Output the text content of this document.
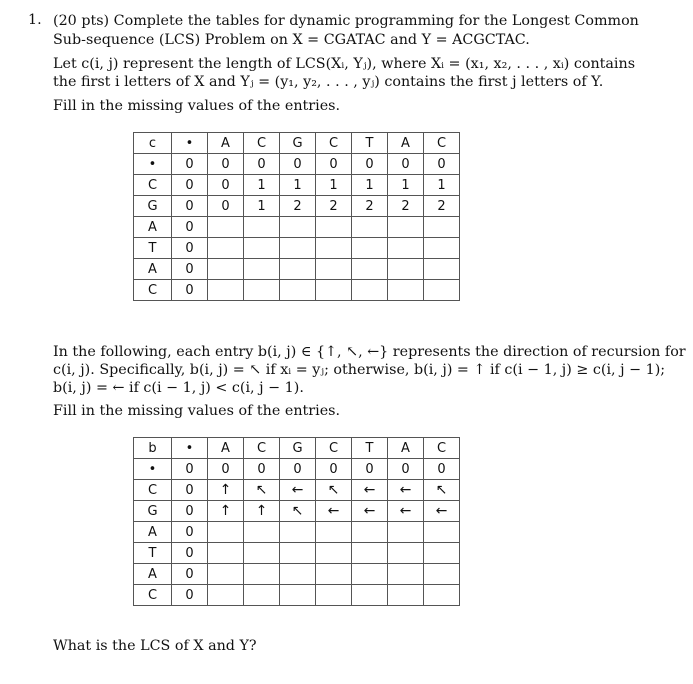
1. (20 pts) Complete the tables for dynamic programming for the Longest Common
Sub-sequence (LCS) Problem on X = CGATAC and Y = ACGCTAC.
Let c(i, j) represent the length of LCS(Xᵢ, Yⱼ), where Xᵢ = (x₁, x₂, . . . , xᵢ) contains
the first i letters of X and Yⱼ = (y₁, y₂, . . . , yⱼ) contains the first j letters of Y.
Fill in the missing values of the entries.
c	•	A	C	G	C	T	A	C
•	0	0	0	0	0	0	0	0
C	0	0	1	1	1	1	1	1
G	0	0	1	2	2	2	2	2
A	0							
T	0							
A	0							
C	0							
In the following, each entry b(i, j) ∈ {↑, ↖, ←} represents the direction of recursion for
c(i, j). Specifically, b(i, j) = ↖ if xᵢ = yⱼ; otherwise, b(i, j) = ↑ if c(i − 1, j) ≥ c(i, j − 1);
b(i, j) = ← if c(i − 1, j) < c(i, j − 1).
Fill in the missing values of the entries.
b	•	A	C	G	C	T	A	C
•	0	0	0	0	0	0	0	0
C	0	↑	↖	←	↖	←	←	↖
G	0	↑	↑	↖	←	←	←	←
A	0							
T	0							
A	0							
C	0							
What is the LCS of X and Y?
